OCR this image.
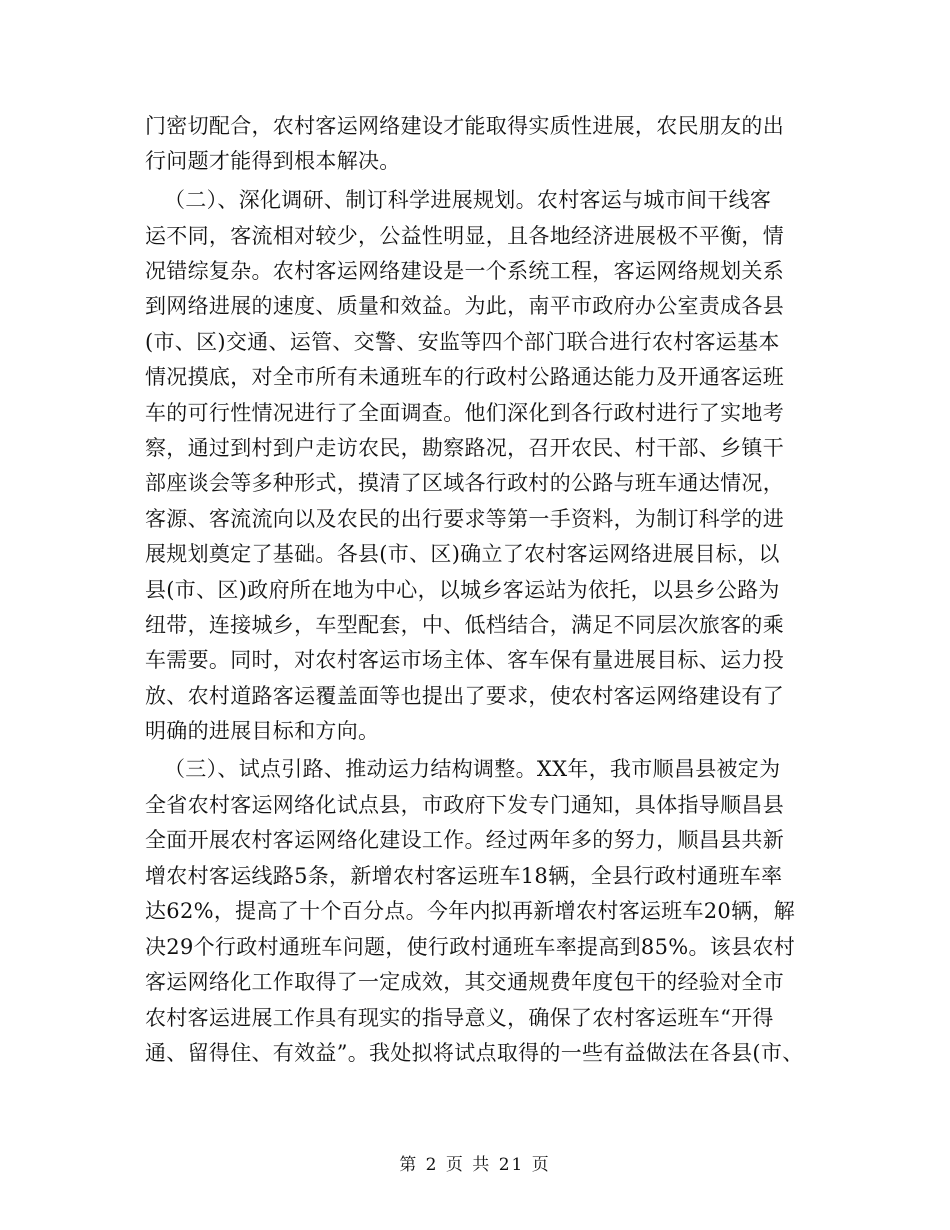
门密切配合，农村客运网络建设才能取得实质性进展，农民朋友的出
行问题才能得到根本解决。
（二）、深化调研、制订科学进展规划。农村客运与城市间干线客
运不同，客流相对较少，公益性明显，且各地经济进展极不平衡，情
况错综复杂。农村客运网络建设是一个系统工程，客运网络规划关系
到网络进展的速度、质量和效益。为此，南平市政府办公室责成各县
(市、区)交通、运管、交警、安监等四个部门联合进行农村客运基本
情况摸底，对全市所有未通班车的行政村公路通达能力及开通客运班
车的可行性情况进行了全面调查。他们深化到各行政村进行了实地考
察，通过到村到户走访农民，勘察路况，召开农民、村干部、乡镇干
部座谈会等多种形式，摸清了区域各行政村的公路与班车通达情况，
客源、客流流向以及农民的出行要求等第一手资料，为制订科学的进
展规划奠定了基础。各县(市、区)确立了农村客运网络进展目标，以
县(市、区)政府所在地为中心，以城乡客运站为依托，以县乡公路为
纽带，连接城乡，车型配套，中、低档结合，满足不同层次旅客的乘
车需要。同时，对农村客运市场主体、客车保有量进展目标、运力投
放、农村道路客运覆盖面等也提出了要求，使农村客运网络建设有了
明确的进展目标和方向。
（三）、试点引路、推动运力结构调整。XX年，我市顺昌县被定为
全省农村客运网络化试点县，市政府下发专门通知，具体指导顺昌县
全面开展农村客运网络化建设工作。经过两年多的努力，顺昌县共新
增农村客运线路5条，新增农村客运班车18辆，全县行政村通班车率
达62%，提高了十个百分点。今年内拟再新增农村客运班车20辆，解
决29个行政村通班车问题，使行政村通班车率提高到85%。该县农村
客运网络化工作取得了一定成效，其交通规费年度包干的经验对全市
农村客运进展工作具有现实的指导意义，确保了农村客运班车“开得
通、留得住、有效益”。我处拟将试点取得的一些有益做法在各县(市、
第 2 页 共 21 页
